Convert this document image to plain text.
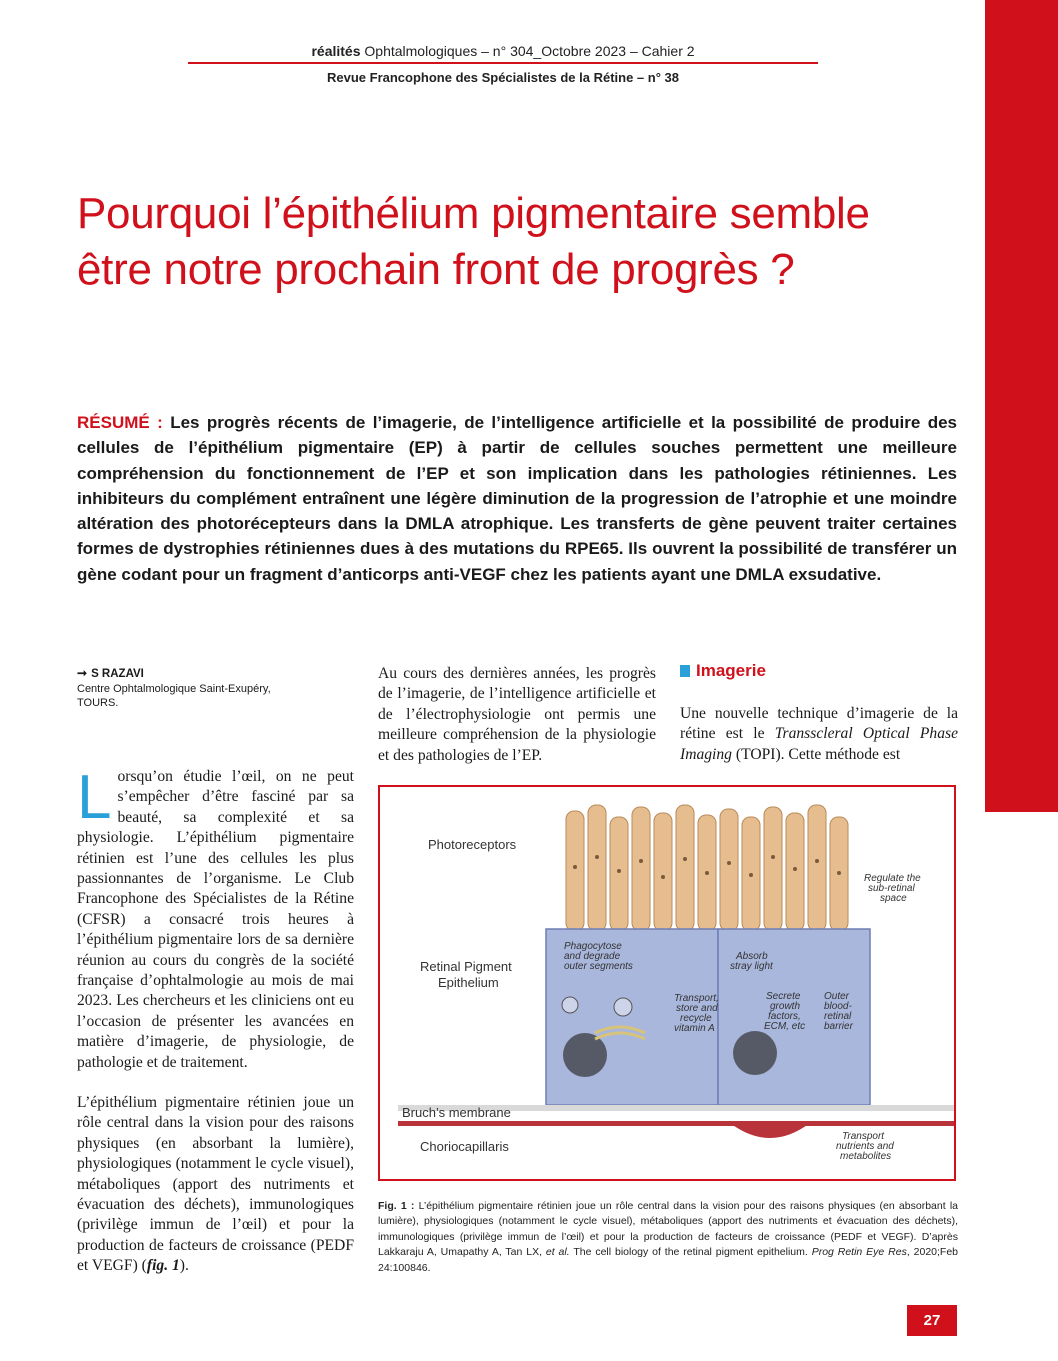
réalités Ophtalmologiques – n° 304_Octobre 2023 – Cahier 2
Revue Francophone des Spécialistes de la Rétine – n° 38
Pourquoi l’épithélium pigmentaire semble être notre prochain front de progrès ?

RÉSUMÉ : Les progrès récents de l’imagerie, de l’intelligence artificielle et la possibilité de produire des cellules de l’épithélium pigmentaire (EP) à partir de cellules souches permettent une meilleure compréhension du fonctionnement de l’EP et son implication dans les pathologies rétiniennes. Les inhibiteurs du complément entraînent une légère diminution de la progression de l’atrophie et une moindre altération des photorécepteurs dans la DMLA atrophique. Les transferts de gène peuvent traiter certaines formes de dystrophies rétiniennes dues à des mutations du RPE65. Ils ouvrent la possibilité de transférer un gène codant pour un fragment d’anticorps anti-VEGF chez les patients ayant une DMLA exsudative.

➞ S RAZAVI
Centre Ophtalmologique Saint-Exupéry,
TOURS.

Lorsqu’on étudie l’œil, on ne peut s’empêcher d’être fasciné par sa beauté, sa complexité et sa physiologie. L’épithélium pigmentaire rétinien est l’une des cellules les plus passionnantes de l’organisme. Le Club Francophone des Spécialistes de la Rétine (CFSR) a consacré trois heures à l’épithélium pigmentaire lors de sa dernière réunion au cours du congrès de la société française d’ophtalmologie au mois de mai 2023. Les chercheurs et les cliniciens ont eu l’occasion de présenter les avancées en matière d’imagerie, de physiologie, de pathologie et de traitement.

L’épithélium pigmentaire rétinien joue un rôle central dans la vision pour des raisons physiques (en absorbant la lumière), physiologiques (notamment le cycle visuel), métaboliques (apport des nutriments et évacuation des déchets), immunologiques (privilège immun de l’œil) et pour la production de facteurs de croissance (PEDF et VEGF) (fig. 1).

Au cours des dernières années, les progrès de l’imagerie, de l’intelligence artificielle et de l’électrophysiologie ont permis une meilleure compréhension de la physiologie et des pathologies de l’EP.

Imagerie

Une nouvelle technique d’imagerie de la rétine est le Transscleral Optical Phase Imaging (TOPI). Cette méthode est

Photoreceptors
Retinal Pigment
Epithelium
Bruch’s membrane
Choriocapillaris
Regulate the
sub-retinal
space
Phagocytose
and degrade
outer segments
Absorb
stray light
Transport,
store and
recycle
vitamin A
Secrete
growth
factors,
ECM, etc
Outer
blood-
retinal
barrier
Transport
nutrients and
metabolites

Fig. 1 : L’épithélium pigmentaire rétinien joue un rôle central dans la vision pour des raisons physiques (en absorbant la lumière), physiologiques (notamment le cycle visuel), métaboliques (apport des nutriments et évacuation des déchets), immunologiques (privilège immun de l’œil) et pour la production de facteurs de croissance (PEDF et VEGF). D’après Lakkaraju A, Umapathy A, Tan LX, et al. The cell biology of the retinal pigment epithelium. Prog Retin Eye Res, 2020;Feb 24:100846.

27
